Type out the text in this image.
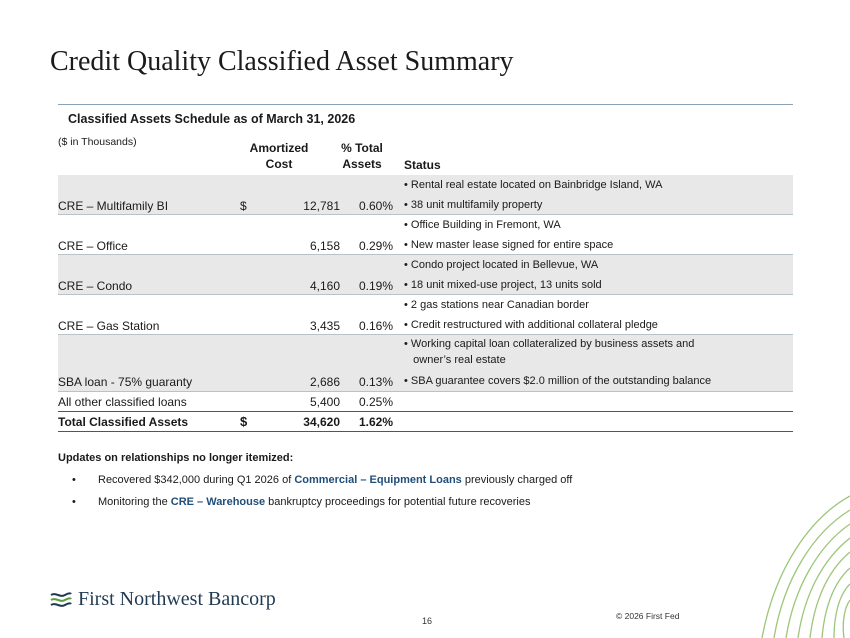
Credit Quality Classified Asset Summary
Classified Assets Schedule as of March 31, 2026
($ in Thousands)	Amortized
Cost
% Total
Assets	Status
CRE – Multifamily BI	$	12,781 0.60%
• Rental real estate located on Bainbridge Island, WA
• 38 unit multifamily property
CRE – Office	6,158 0.29%
• Office Building in Fremont, WA
• New master lease signed for entire space
CRE – Condo	4,160 0.19%
• Condo project located in Bellevue, WA
• 18 unit mixed-use project, 13 units sold
CRE – Gas Station	3,435 0.16%
• 2 gas stations near Canadian border
• Credit restructured with additional collateral pledge
SBA loan - 75% guaranty	2,686 0.13%
• Working capital loan collateralized by business assets and
owner’s real estate
• SBA guarantee covers $2.0 million of the outstanding balance
All other classified loans	5,400 0.25%
Total Classified Assets	$	34,620 1.62%
Updates on relationships no longer itemized:
• Recovered $342,000 during Q1 2026 of Commercial – Equipment Loans previously charged off
• Monitoring the CRE – Warehouse bankruptcy proceedings for potential future recoveries
First Northwest Bancorp
16	© 2026 First Fed
